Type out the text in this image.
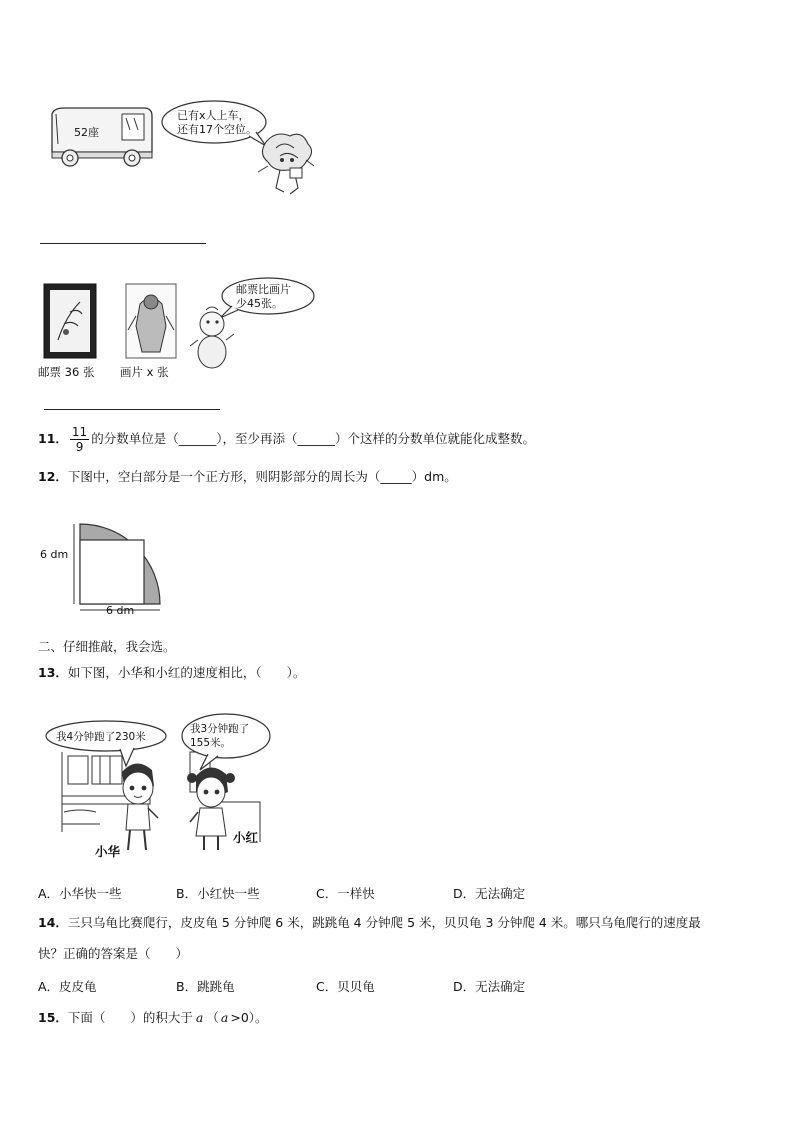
52座
已有x人上车，
还有17个空位。
邮票比画片
少45张。
邮票 36 张 画片 x 张
11． $\frac{11}{9}$ 的分数单位是（ ______ ），至少再添（ ______ ）个这样的分数单位就能化成整数。
12．下图中，空白部分是一个正方形，则阴影部分的周长为（_____）dm。
6 dm
6 dm
二、仔细推敲，我会选。
13．如下图，小华和小红的速度相比，（　　）。
我4分钟跑了230米
我3分钟跑了
155米。
小华
小红
A．小华快一些	B．小红快一些	C．一样快	D．无法确定
14．三只乌龟比赛爬行，皮皮龟 5 分钟爬 6 米，跳跳龟 4 分钟爬 5 米，贝贝龟 3 分钟爬 4 米。哪只乌龟爬行的速度最
快？正确的答案是（　　）
A．皮皮龟	B．跳跳龟	C．贝贝龟	D．无法确定
15．下面（　　）的积大于 a （ a >0）。
